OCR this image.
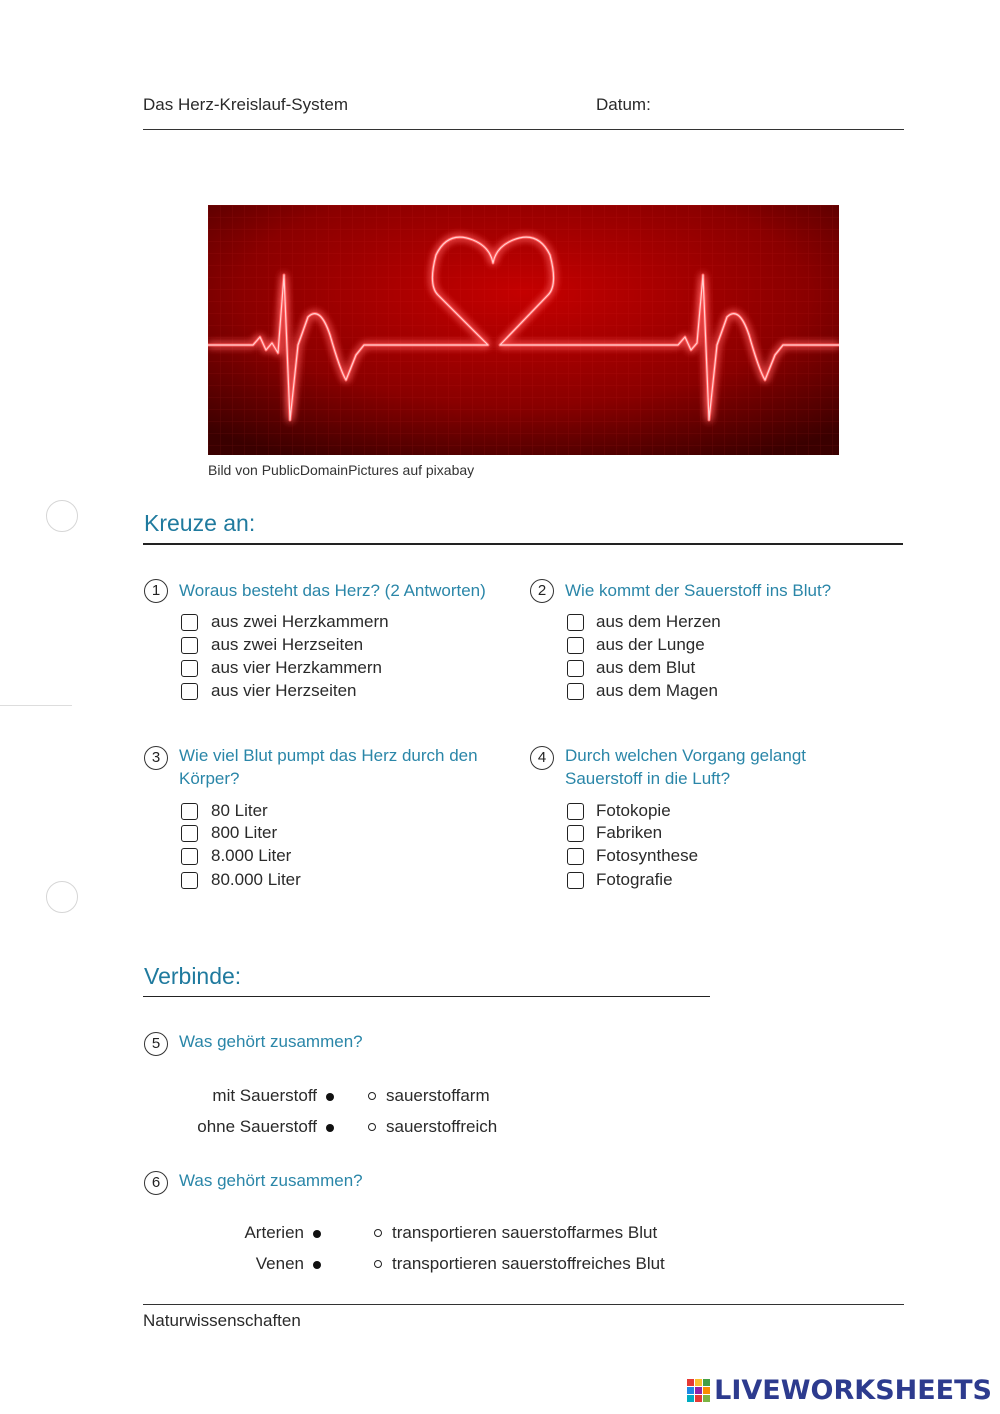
Das Herz-Kreislauf-System	Datum:
Bild von PublicDomainPictures auf pixabay
Kreuze an:
1	Woraus besteht das Herz? (2 Antworten)
aus zwei Herzkammern
aus zwei Herzseiten
aus vier Herzkammern
aus vier Herzseiten
2	Wie kommt der Sauerstoff ins Blut?
aus dem Herzen
aus der Lunge
aus dem Blut
aus dem Magen
3	Wie viel Blut pumpt das Herz durch den
Körper?
80 Liter
800 Liter
8.000 Liter
80.000 Liter
4	Durch welchen Vorgang gelangt
Sauerstoff in die Luft?
Fotokopie
Fabriken
Fotosynthese
Fotografie
Verbinde:
5	Was gehört zusammen?
mit Sauerstoff	sauerstoffarm
ohne Sauerstoff	sauerstoffreich
6	Was gehört zusammen?
Arterien	transportieren sauerstoffarmes Blut
Venen	transportieren sauerstoffreiches Blut
Naturwissenschaften
LIVEWORKSHEETS
